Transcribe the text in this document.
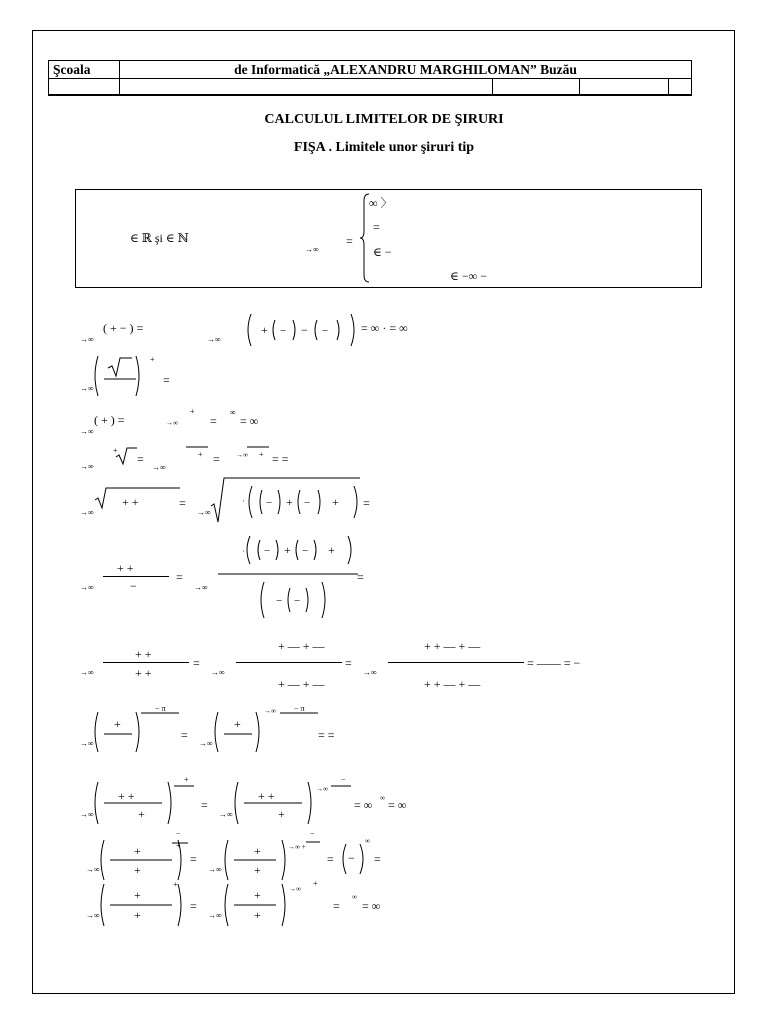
Şcoala	de Informatică „ALEXANDRU MARGHILOMAN” Buzău			

CALCULUL LIMITELOR DE ŞIRURI
FIŞA . Limitele unor şiruri tip
∈ ℝ şi ∈ ℕ
→∞
=
∞ 〉
=
∈ −
∈ −∞ −
→∞
( + − ) =
→∞
+ − − −	= ∞ · = ∞
→∞
+
=
→∞
( + ) =	→∞
+
=
∞
= ∞
→∞
+
=
→∞
+ = →∞ + = =
→∞
+ +	=
→∞
· − + − + =
→∞
+ +
−
=
→∞
· − + − +
− −
=
→∞
+ +
+ +
=
→∞
+ — + —
+ — + —
=
→∞
+ + — + —
+ + — + —
= —— = −
→∞
+
− π
=
→∞
+
→∞ − π
= =
→∞
+ +
+
+
=
→∞
+ +
+
→∞
−
= ∞ ∞ = ∞
→∞
+
+
−
+
=
→∞
+
+
→∞ +
−
= −
∞
=
→∞
+
+
+
=
→∞
+
+
→∞
+
=
∞
= ∞
